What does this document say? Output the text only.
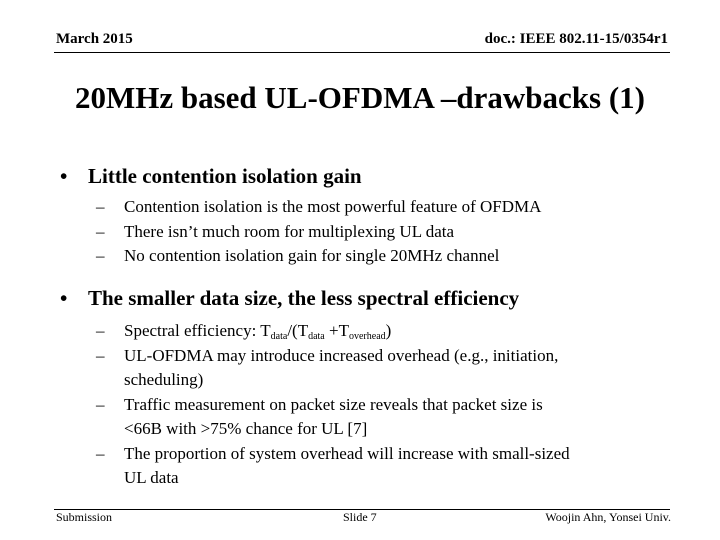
March 2015	doc.: IEEE 802.11-15/0354r1
20MHz based UL-OFDMA –drawbacks (1)
• Little contention isolation gain
– Contention isolation is the most powerful feature of OFDMA
– There isn’t much room for multiplexing UL data
– No contention isolation gain for single 20MHz channel
• The smaller data size, the less spectral efficiency
– Spectral efficiency: $T_{data}/(T_{data} +T_{overhead})$
– UL-OFDMA may introduce increased overhead (e.g., initiation,
scheduling)
– Traffic measurement on packet size reveals that packet size is
<66B with >75% chance for UL [7]
– The proportion of system overhead will increase with small-sized
UL data
Submission	Slide 7	Woojin Ahn, Yonsei Univ.
